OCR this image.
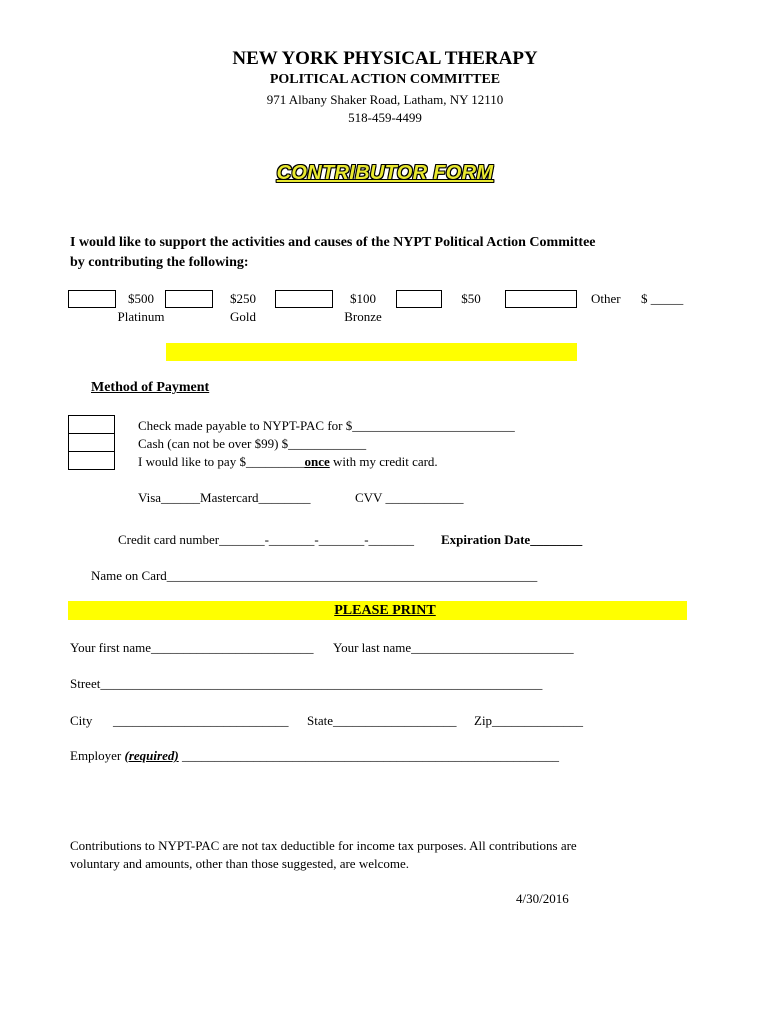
NEW YORK PHYSICAL THERAPY
POLITICAL ACTION COMMITTEE
971 Albany Shaker Road, Latham, NY 12110
518-459-4499
CONTRIBUTOR FORM
I would like to support the activities and causes of the NYPT Political Action Committee
by contributing the following:
$500
Platinum
$250
Gold
$100
Bronze
$50	Other $ _____
Method of Payment
Check made payable to NYPT-PAC for $_________________________
Cash (can not be over $99) $____________
I would like to pay $_________once with my credit card.
Visa______Mastercard________	CVV ____________
Credit card number_______-_______-_______-_______ Expiration Date________
Name on Card_________________________________________________________
PLEASE PRINT
Your first name_________________________ Your last name_________________________
Street____________________________________________________________________
City ___________________________ State___________________ Zip______________
Employer (required) __________________________________________________________
Contributions to NYPT-PAC are not tax deductible for income tax purposes. All contributions are
voluntary and amounts, other than those suggested, are welcome.
4/30/2016
